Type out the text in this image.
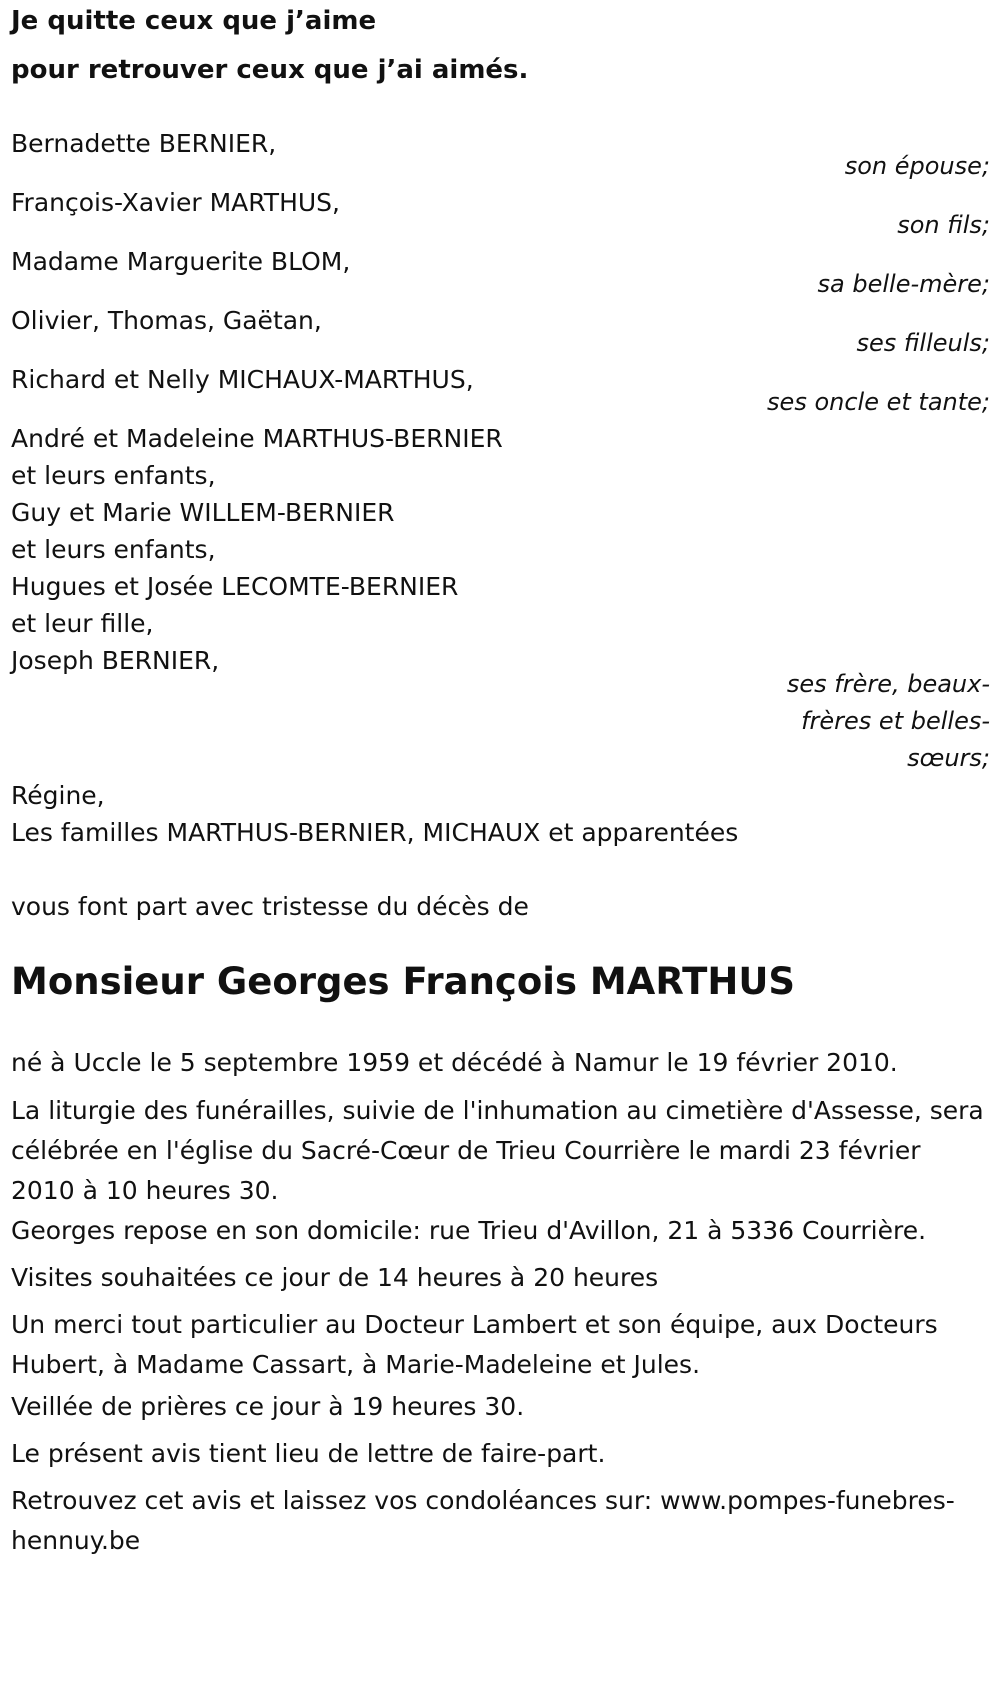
Je quitte ceux que j’aime
pour retrouver ceux que j’ai aimés.
Bernadette BERNIER,
son épouse;
François-Xavier MARTHUS,
son fils;
Madame Marguerite BLOM,
sa belle-mère;
Olivier, Thomas, Gaëtan,
ses filleuls;
Richard et Nelly MICHAUX-MARTHUS,
ses oncle et tante;
André et Madeleine MARTHUS-BERNIER
et leurs enfants,
Guy et Marie WILLEM-BERNIER
et leurs enfants,
Hugues et Josée LECOMTE-BERNIER
et leur fille,
Joseph BERNIER,
ses frère, beaux-
frères et belles-
sœurs;
Régine,
Les familles MARTHUS-BERNIER, MICHAUX et apparentées
vous font part avec tristesse du décès de
Monsieur Georges François MARTHUS
né à Uccle le 5 septembre 1959 et décédé à Namur le 19 février 2010.
La liturgie des funérailles, suivie de l'inhumation au cimetière d'Assesse, sera célébrée en l'église du Sacré-Cœur de Trieu Courrière le mardi 23 février 2010 à 10 heures 30.
Georges repose en son domicile: rue Trieu d'Avillon, 21 à 5336 Courrière.
Visites souhaitées ce jour de 14 heures à 20 heures
Un merci tout particulier au Docteur Lambert et son équipe, aux Docteurs Hubert, à Madame Cassart, à Marie-Madeleine et Jules.
Veillée de prières ce jour à 19 heures 30.
Le présent avis tient lieu de lettre de faire-part.
Retrouvez cet avis et laissez vos condoléances sur: www.pompes-funebres-hennuy.be
